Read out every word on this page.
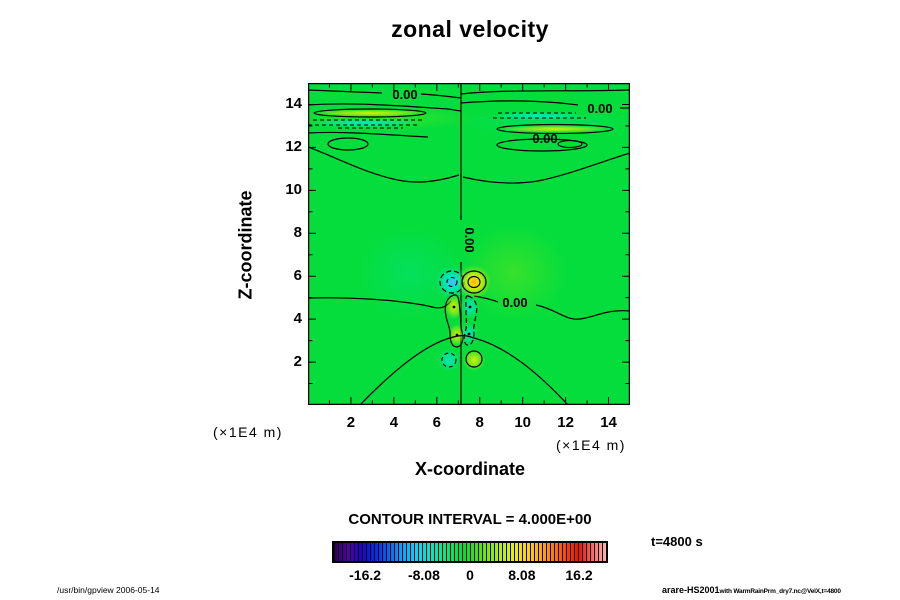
zonal velocity
Z-coordinate
(×1E4 m)
0.00
0.00
0.00
0.00
0.00
(×1E4 m)
X-coordinate
CONTOUR INTERVAL = 4.000E+00
-16.2 -8.08 0 8.08 16.2
t=4800 s
/usr/bin/gpview 2006-05-14	arare-HS2001with WarmRainPrm_dry7.nc@VelX,t=4800
2 4 6 8 10 12 14
2
4
6
8
10
12
14
